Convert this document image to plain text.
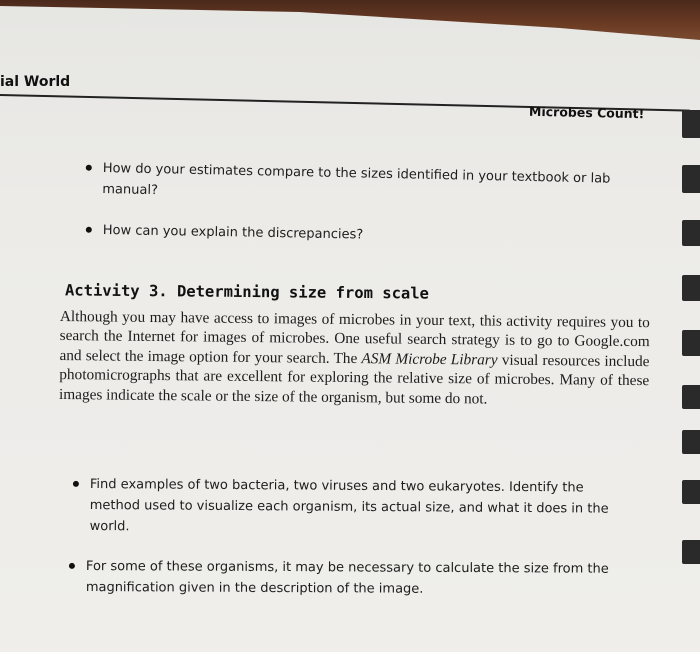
ial World
Microbes Count!
How do your estimates compare to the sizes identified in your textbook or lab manual?
How can you explain the discrepancies?
Activity 3. Determining size from scale
Although you may have access to images of microbes in your text, this activity requires you to search the Internet for images of microbes. One useful search strategy is to go to Google.com and select the image option for your search. The ASM Microbe Library visual resources include photomicrographs that are excellent for exploring the relative size of microbes. Many of these images indicate the scale or the size of the organism, but some do not.
Find examples of two bacteria, two viruses and two eukaryotes. Identify the method used to visualize each organism, its actual size, and what it does in the world.
For some of these organisms, it may be necessary to calculate the size from the magnification given in the description of the image.
